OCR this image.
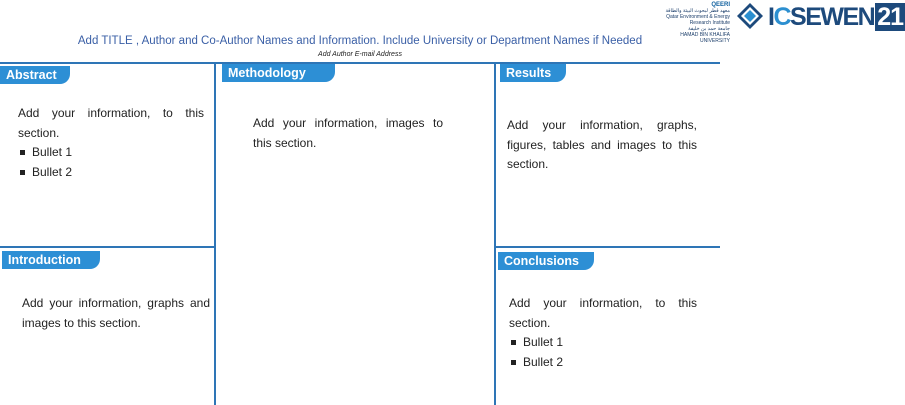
QEERI
معهد قطر لبحوث البيئة والطاقة
Qatar Environment & Energy Research Institute
جامعة حمد بن خليفة
HAMAD BIN KHALIFA UNIVERSITY
ICSEWEN 21
Add TITLE , Author and Co-Author Names and Information. Include University or Department Names if Needed
Add Author E-mail Address
Abstract
Add your information, to this section.
Bullet 1
Bullet 2
Methodology
Add your information, images to this section.
Results
Add your information, graphs, figures, tables and images to this section.
Introduction
Add your information, graphs and images to this section.
Conclusions
Add your information, to this section.
Bullet 1
Bullet 2
